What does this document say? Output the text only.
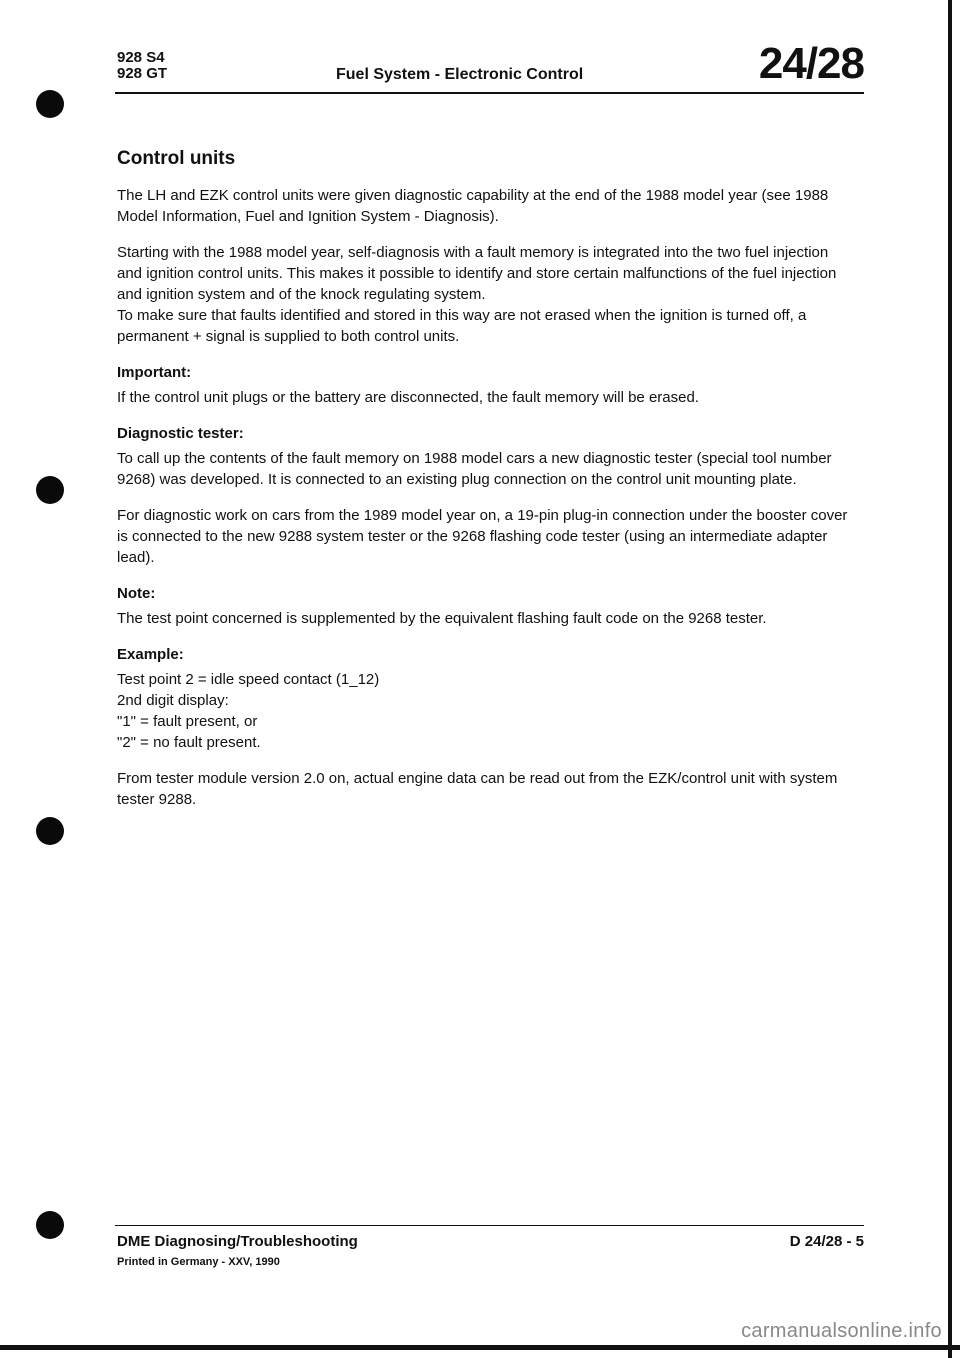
928 S4
928 GT	Fuel System - Electronic Control	24/28
Control units

The LH and EZK control units were given diagnostic capability at the end of the 1988 model year (see 1988 Model Information, Fuel and Ignition System - Diagnosis).

Starting with the 1988 model year, self-diagnosis with a fault memory is integrated into the two fuel injection and ignition control units. This makes it possible to identify and store certain malfunctions of the fuel injection and ignition system and of the knock regulating system.
To make sure that faults identified and stored in this way are not erased when the ignition is turned off, a permanent + signal is supplied to both control units.

Important:
If the control unit plugs or the battery are disconnected, the fault memory will be erased.

Diagnostic tester:
To call up the contents of the fault memory on 1988 model cars a new diagnostic tester (special tool number 9268) was developed. It is connected to an existing plug connection on the control unit mounting plate.

For diagnostic work on cars from the 1989 model year on, a 19-pin plug-in connection under the booster cover is connected to the new 9288 system tester or the 9268 flashing code tester (using an intermediate adapter lead).

Note:
The test point concerned is supplemented by the equivalent flashing fault code on the 9268 tester.

Example:
Test point 2 = idle speed contact (1_12)
2nd digit display:
"1" = fault present, or
"2" = no fault present.

From tester module version 2.0 on, actual engine data can be read out from the EZK/control unit with system tester 9288.

DME Diagnosing/Troubleshooting	D 24/28 - 5
Printed in Germany - XXV, 1990
carmanualsonline.info
